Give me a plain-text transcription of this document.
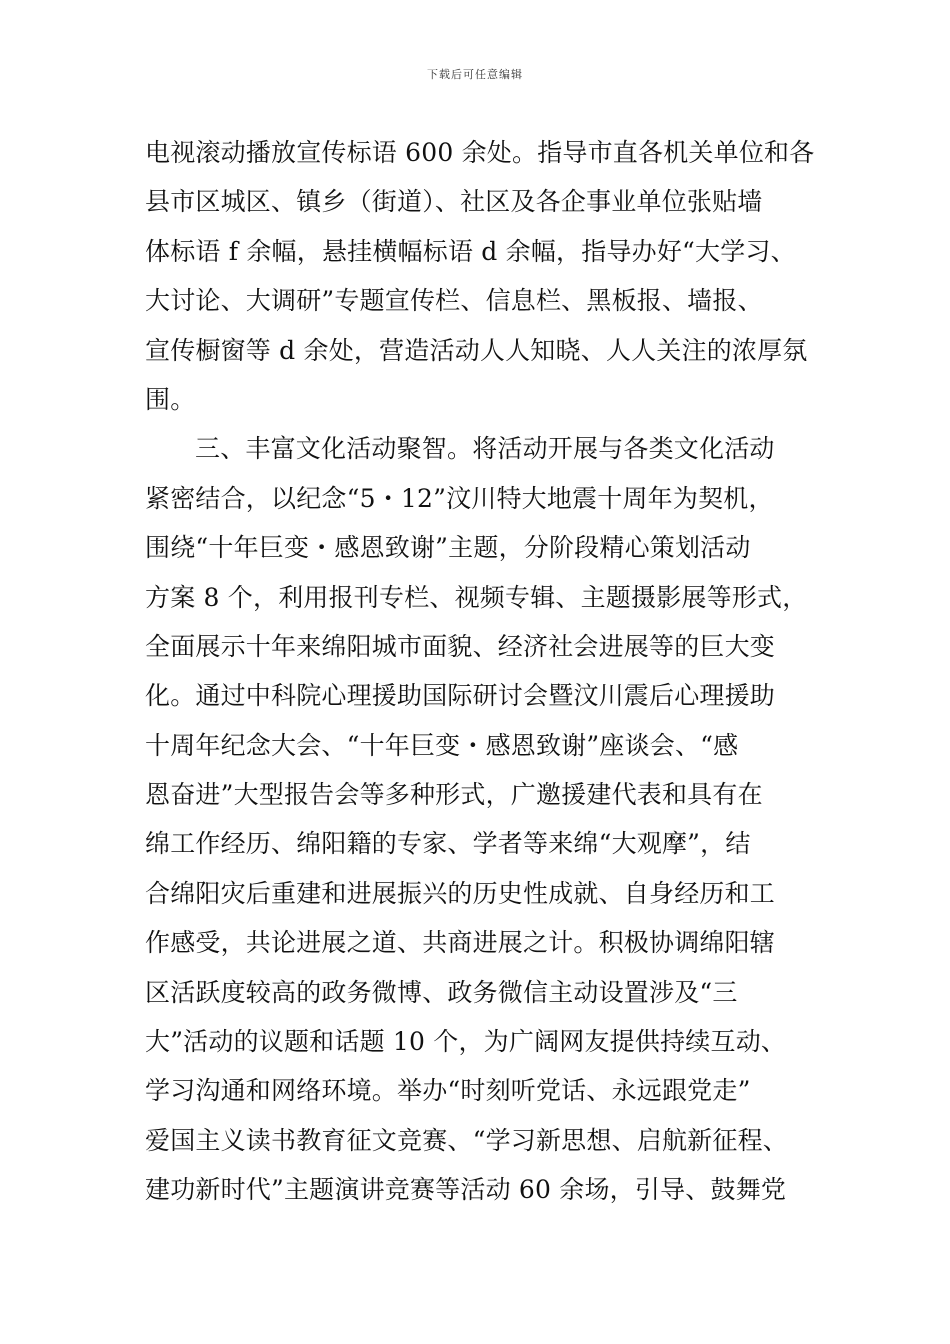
下载后可任意编辑
电视滚动播放宣传标语 600 余处。指导市直各机关单位和各
县市区城区、镇乡（街道）、社区及各企事业单位张贴墙
体标语 f 余幅，悬挂横幅标语 d 余幅，指导办好“大学习、
大讨论、大调研”专题宣传栏、信息栏、黑板报、墙报、
宣传橱窗等 d 余处，营造活动人人知晓、人人关注的浓厚氛
围。
三、丰富文化活动聚智。将活动开展与各类文化活动
紧密结合，以纪念“5・12”汶川特大地震十周年为契机，
围绕“十年巨变・感恩致谢”主题，分阶段精心策划活动
方案 8 个，利用报刊专栏、视频专辑、主题摄影展等形式，
全面展示十年来绵阳城市面貌、经济社会进展等的巨大变
化。通过中科院心理援助国际研讨会暨汶川震后心理援助
十周年纪念大会、“十年巨变・感恩致谢”座谈会、“感
恩奋进”大型报告会等多种形式，广邀援建代表和具有在
绵工作经历、绵阳籍的专家、学者等来绵“大观摩”，结
合绵阳灾后重建和进展振兴的历史性成就、自身经历和工
作感受，共论进展之道、共商进展之计。积极协调绵阳辖
区活跃度较高的政务微博、政务微信主动设置涉及“三
大”活动的议题和话题 10 个，为广阔网友提供持续互动、
学习沟通和网络环境。举办“时刻听党话、永远跟党走”
爱国主义读书教育征文竞赛、“学习新思想、启航新征程、
建功新时代”主题演讲竞赛等活动 60 余场，引导、鼓舞党
